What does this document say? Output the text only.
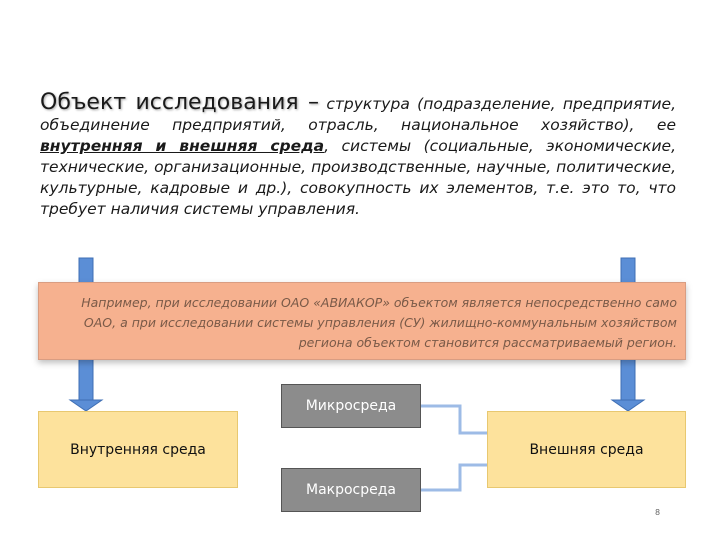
Объект исследования – структура (подразделение, предприятие, объединение предприятий, отрасль, национальное хозяйство), ее внутренняя и внешняя среда, системы (социальные, экономические, технические, организационные, производственные, научные, политические, культурные, кадровые и др.), совокупность их элементов, т.е. это то, что требует наличия системы управления.
Например, при исследовании ОАО «АВИАКОР» объектом является непосредственно само ОАО, а при исследовании системы управления (СУ) жилищно-коммунальным хозяйством региона объектом становится рассматриваемый регион.
Внутренняя среда	Внешняя среда
Микросреда
Макросреда
8
